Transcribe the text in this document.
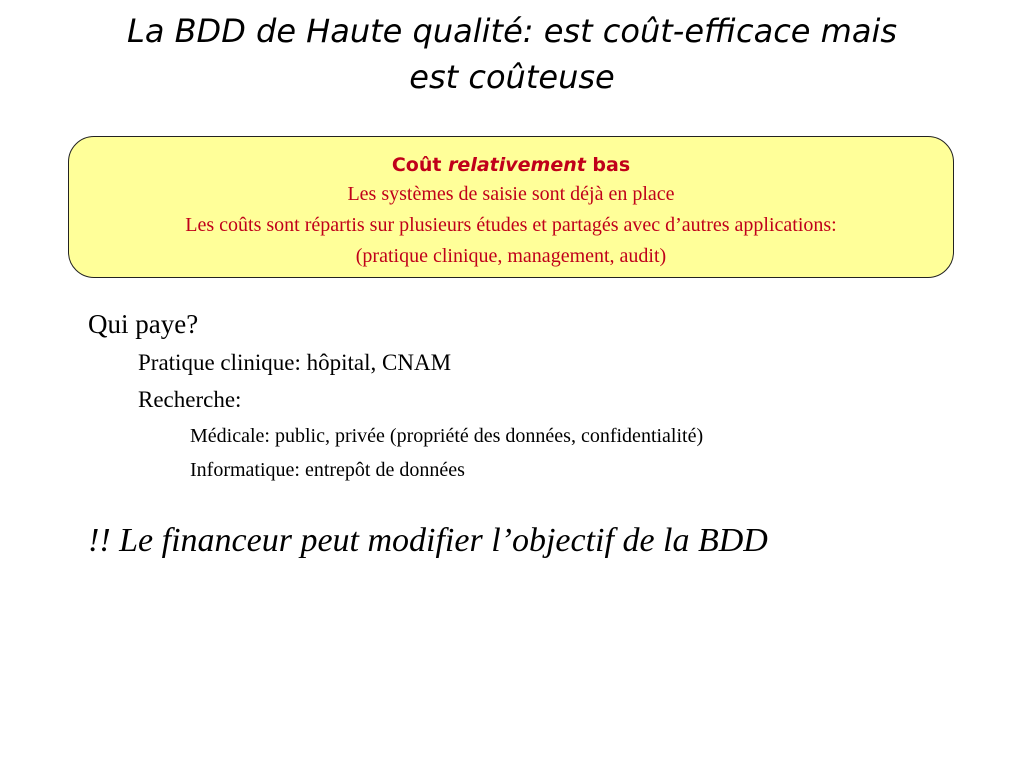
La BDD de Haute qualité: est coût-efficace mais
est coûteuse
Coût relativement bas
Les systèmes de saisie sont déjà en place
Les coûts sont répartis sur plusieurs études et partagés avec d’autres applications:
(pratique clinique, management, audit)
Qui paye?
Pratique clinique: hôpital, CNAM
Recherche:
Médicale: public, privée (propriété des données, confidentialité)
Informatique: entrepôt de données
!! Le financeur peut modifier l’objectif de la BDD
